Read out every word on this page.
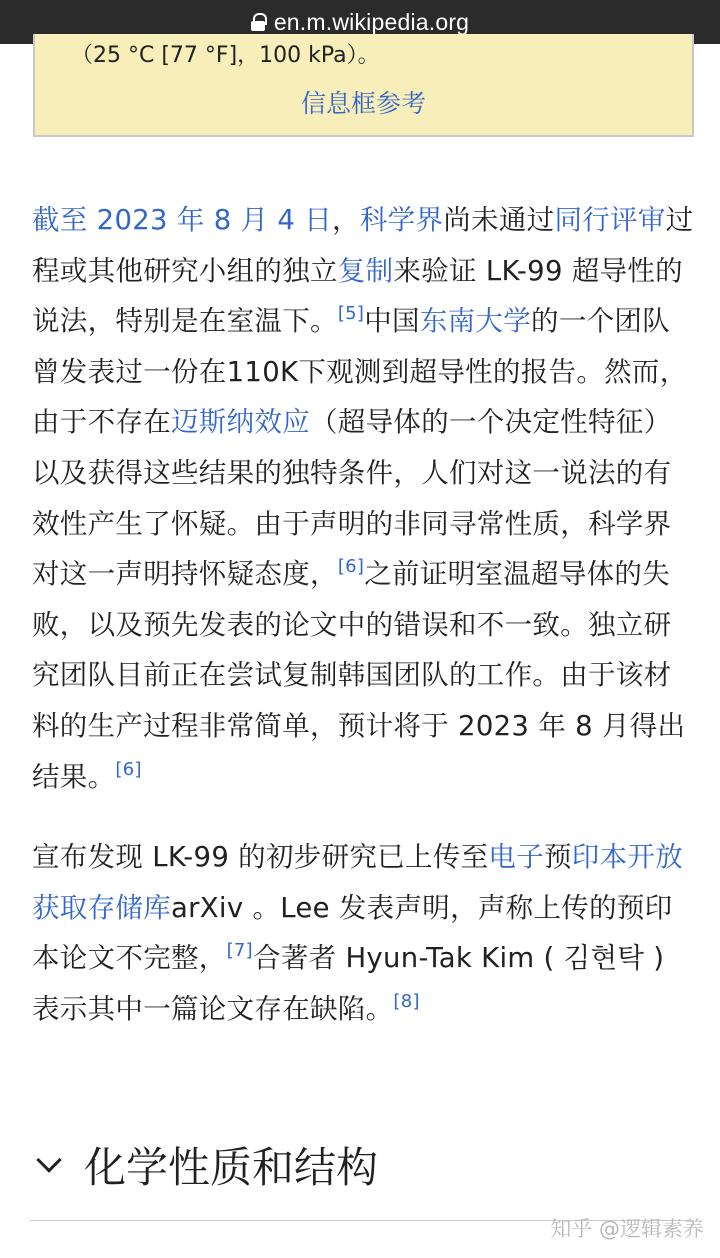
en.m.wikipedia.org
（25 °C [77 °F]，100 kPa）。
信息框参考

截至 2023 年 8 月 4 日，科学界尚未通过同行评审过程或其他研究小组的独立复制来验证 LK-99 超导性的说法，特别是在室温下。[5]中国东南大学的一个团队曾发表过一份在110K下观测到超导性的报告。然而，由于不存在迈斯纳效应（超导体的一个决定性特征）以及获得这些结果的独特条件，人们对这一说法的有效性产生了怀疑。由于声明的非同寻常性质，科学界对这一声明持怀疑态度，[6]之前证明室温超导体的失败，以及预先发表的论文中的错误和不一致。独立研究团队目前正在尝试复制韩国团队的工作。由于该材料的生产过程非常简单，预计将于 2023 年 8 月得出结果。[6]

宣布发现 LK-99 的初步研究已上传至电子预印本开放获取存储库arXiv 。Lee 发表声明，声称上传的预印本论文不完整，[7]合著者 Hyun-Tak Kim ( 김현탁 ) 表示其中一篇论文存在缺陷。[8]

化学性质和结构
知乎 @逻辑素养
